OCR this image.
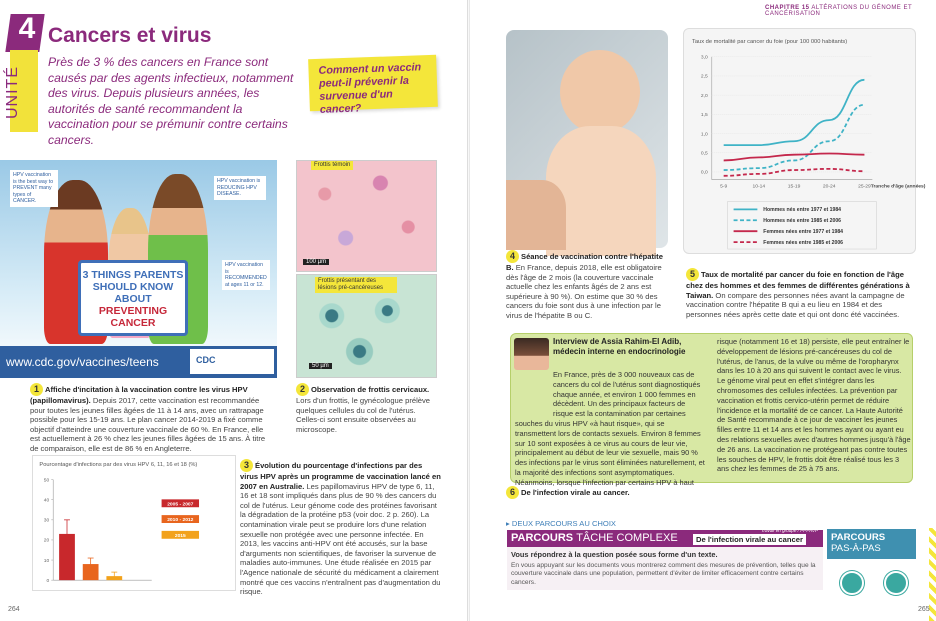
4
UNITÉ
Cancers et virus
Près de 3 % des cancers en France sont causés par des agents infectieux, notamment des virus. Depuis plusieurs années, les autorités de santé recommandent la vaccination pour se prémunir contre certains cancers.
Comment un vaccin peut-il prévenir la survenue d'un cancer?
HPV vaccination is the best way to PREVENT many types of CANCER.
HPV vaccination is REDUCING HPV DISEASE.
HPV vaccination is RECOMMENDED at ages 11 or 12.
3 THINGS PARENTS
SHOULD KNOW ABOUT
PREVENTING CANCER
www.cdc.gov/vaccines/teens	CDC
1 Affiche d'incitation à la vaccination contre les virus HPV (papillomavirus). Depuis 2017, cette vaccination est recommandée pour toutes les jeunes filles âgées de 11 à 14 ans, avec un rattrapage possible pour les 15-19 ans. Le plan cancer 2014-2019 a fixé comme objectif d'atteindre une couverture vaccinale de 60 %. En France, elle est actuellement à 26 % chez les jeunes filles âgées de 15 ans. À titre de comparaison, elle est de 86 % en Angleterre.
Frottis témoin
100 µm
Frottis présentant des lésions pré-cancéreuses
50 µm
2 Observation de frottis cervicaux. Lors d'un frottis, le gynécologue prélève quelques cellules du col de l'utérus. Celles-ci sont ensuite observées au microscope.
Pourcentage d'infections par des virus HPV 6, 11, 16 et 18 (%)
0
10
20
30
40
50
2005 - 2007
2010 - 2012
2015
3 Évolution du pourcentage d'infections par des virus HPV après un programme de vaccination lancé en 2007 en Australie. Les papillomavirus HPV de type 6, 11, 16 et 18 sont impliqués dans plus de 90 % des cancers du col de l'utérus. Leur génome code des protéines favorisant la dégradation de la protéine p53 (voir doc. 2 p. 260). La contamination virale peut se produire lors d'une relation sexuelle non protégée avec une personne infectée. En 2013, les vaccins anti-HPV ont été accusés, sur la base d'arguments non scientifiques, de favoriser la survenue de maladies auto-immunes. Une étude réalisée en 2015 par l'Agence nationale de sécurité du médicament a clairement montré que ces vaccins n'entraînent pas d'augmentation du risque.
264
CHAPITRE 15 ALTÉRATIONS DU GÉNOME ET CANCÉRISATION
4 Séance de vaccination contre l'hépatite B. En France, depuis 2018, elle est obligatoire dès l'âge de 2 mois (la couverture vaccinale actuelle chez les enfants âgés de 2 ans est supérieure à 90 %). On estime que 30 % des cancers du foie sont dus à une infection par le virus de l'hépatite B ou C.
Taux de mortalité par cancer du foie (pour 100 000 habitants)
0,0
0,5
1,0
1,5
2,0
2,5
3,0
5-9	10-14	15-19	20-24	25-29 Tranche d'âge (années)
Hommes nés entre 1977 et 1984
Hommes nés entre 1985 et 2006
Femmes nées entre 1977 et 1984
Femmes nées entre 1985 et 2006
5 Taux de mortalité par cancer du foie en fonction de l'âge chez des hommes et des femmes de différentes générations à Taiwan. On compare des personnes nées avant la campagne de vaccination contre l'hépatite B qui a eu lieu en 1984 et des personnes nées après cette date et qui ont donc été vaccinées.
Interview de Assia Rahim-El Adib,
médecin interne en endocrinologie
En France, près de 3 000 nouveaux cas de cancers du col de l'utérus sont diagnostiqués chaque année, et environ 1 000 femmes en décèdent. Un des principaux facteurs de risque est la contamination par certaines souches du virus HPV «à haut risque», qui se transmettent lors de contacts sexuels. Environ 8 femmes sur 10 sont exposées à ce virus au cours de leur vie, principalement au début de leur vie sexuelle, mais 90 % des infections par le virus sont éliminées naturellement, et la majorité des infections sont asymptomatiques. Néanmoins, lorsque l'infection par certains HPV à haut
risque (notamment 16 et 18) persiste, elle peut entraîner le développement de lésions pré-cancéreuses du col de l'utérus, de l'anus, de la vulve ou même de l'oropharynx dans les 10 à 20 ans qui suivent le contact avec le virus. Le génome viral peut en effet s'intégrer dans les chromosomes des cellules infectées. La prévention par vaccination et frottis cervico-utérin permet de réduire l'incidence et la mortalité de ce cancer. La Haute Autorité de Santé recommande à ce jour de vacciner les jeunes filles entre 11 et 14 ans et les hommes ayant ou ayant eu des relations sexuelles avec d'autres hommes jusqu'à l'âge de 26 ans. La vaccination ne protégeant pas contre toutes les souches de HPV, le frottis doit être réalisé tous les 3 ans chez les femmes de 25 à 75 ans.
6 De l'infection virale au cancer.
▸ DEUX PARCOURS AU CHOIX
PARCOURS TÂCHE COMPLEXE	De l'infection virale au cancer
Travail en groupe / PPPAVP
Vous répondrez à la question posée sous forme d'un texte.
En vous appuyant sur les documents vous montrerez comment des mesures de prévention, telles que la couverture vaccinale dans une population, permettent d'éviter de limiter efficacement contre certains cancers.
PARCOURS
PAS-À-PAS
265
